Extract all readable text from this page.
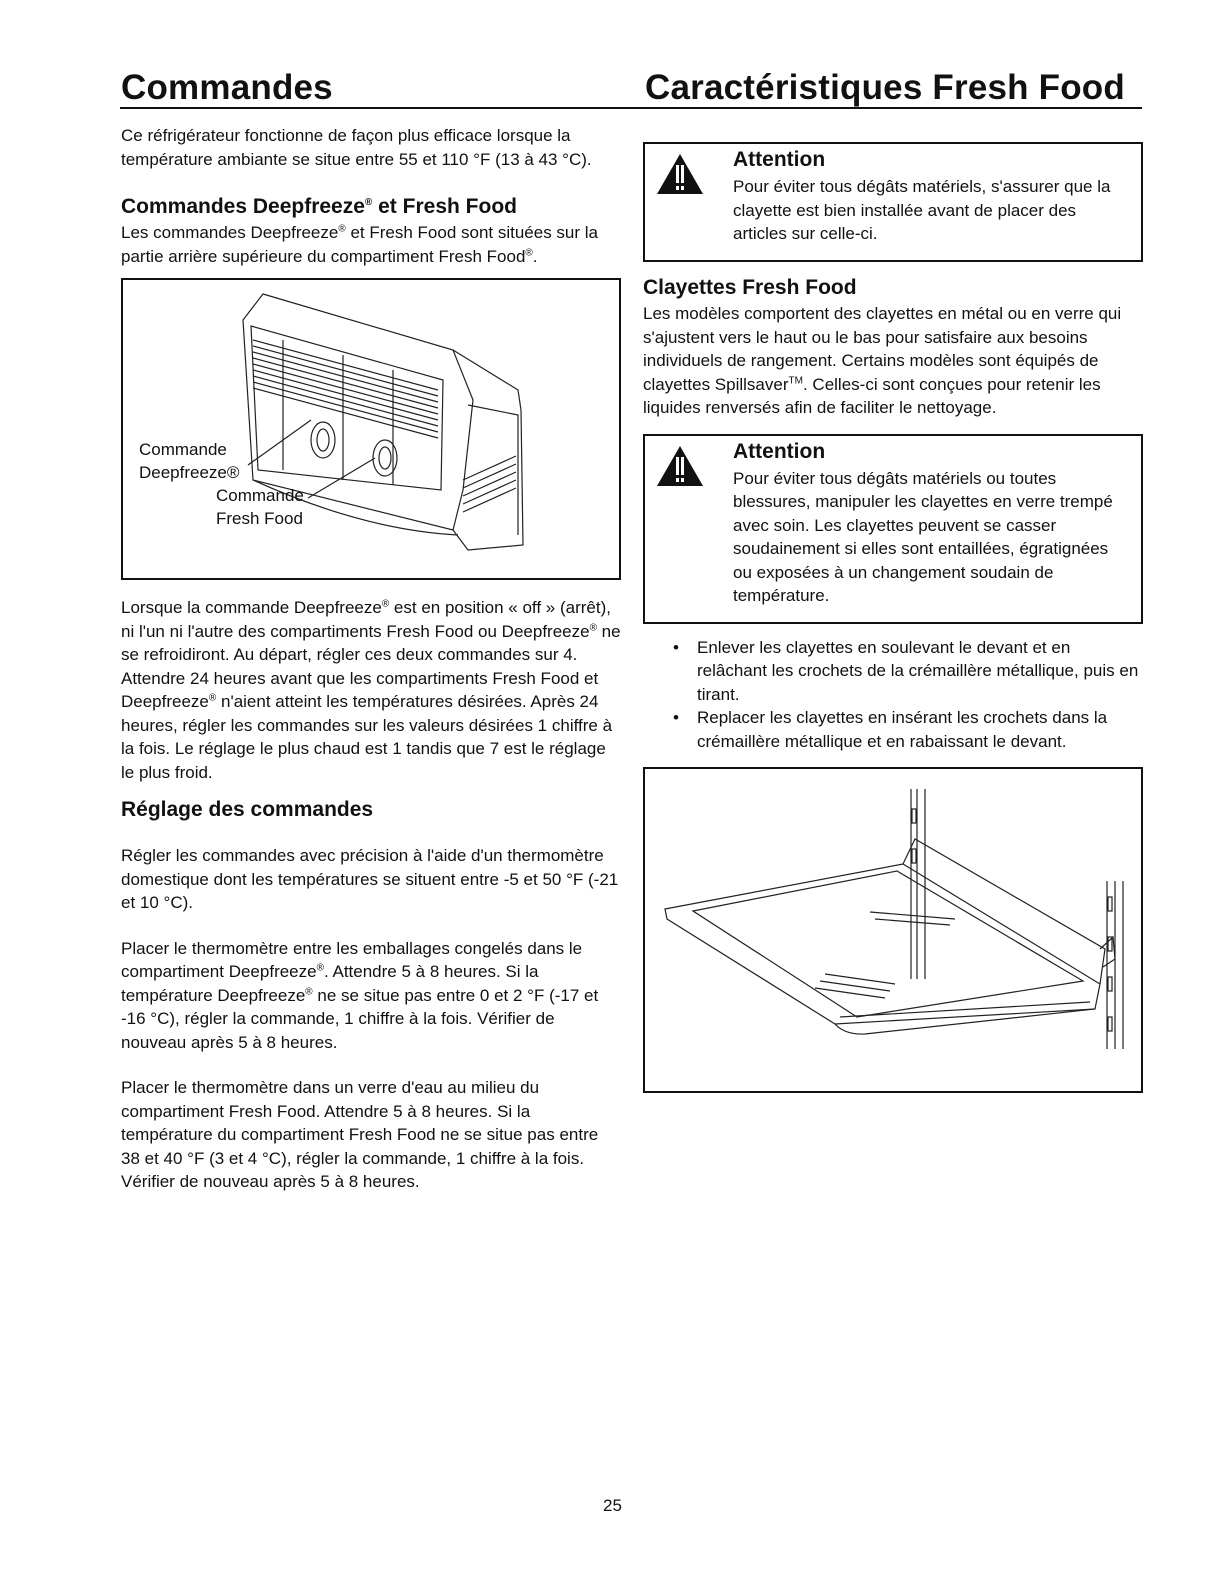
Commandes	Caractéristiques Fresh Food

Ce réfrigérateur fonctionne de façon plus efficace lorsque la température ambiante se situe entre 55 et 110 °F (13 à 43 °C).

Commandes Deepfreeze® et Fresh Food

Les commandes Deepfreeze® et Fresh Food sont situées sur la partie arrière supérieure du compartiment Fresh Food®.

Commande
Deepfreeze®
Commande
Fresh Food

Lorsque la commande Deepfreeze® est en position « off » (arrêt), ni l'un ni l'autre des compartiments Fresh Food ou Deepfreeze® ne se refroidiront. Au départ, régler ces deux commandes sur 4. Attendre 24 heures avant que les compartiments Fresh Food et Deepfreeze® n'aient atteint les températures désirées. Après 24 heures, régler les commandes sur les valeurs désirées 1 chiffre à la fois. Le réglage le plus chaud est 1 tandis que 7 est le réglage le plus froid.

Réglage des commandes

Régler les commandes avec précision à l'aide d'un thermomètre domestique dont les températures se situent entre -5 et 50 °F (-21 et 10 °C).

Placer le thermomètre entre les emballages congelés dans le compartiment Deepfreeze®. Attendre 5 à 8 heures. Si la température Deepfreeze® ne se situe pas entre 0 et 2 °F (-17 et -16 °C), régler la commande, 1 chiffre à la fois. Vérifier de nouveau après 5 à 8 heures.

Placer le thermomètre dans un verre d'eau au milieu du compartiment Fresh Food. Attendre 5 à 8 heures. Si la température du compartiment Fresh Food ne se situe pas entre 38 et 40 °F (3 et 4 °C), régler la commande, 1 chiffre à la fois. Vérifier de nouveau après 5 à 8 heures.

Attention
Pour éviter tous dégâts matériels, s'assurer que la clayette est bien installée avant de placer des articles sur celle-ci.
Clayettes Fresh Food

Les modèles comportent des clayettes en métal ou en verre qui s'ajustent vers le haut ou le bas pour satisfaire aux besoins individuels de rangement. Certains modèles sont équipés de clayettes Spillsaver™. Celles-ci sont conçues pour retenir les liquides renversés afin de faciliter le nettoyage.

Attention
Pour éviter tous dégâts matériels ou toutes blessures, manipuler les clayettes en verre trempé avec soin. Les clayettes peuvent se casser soudainement si elles sont entaillées, égratignées ou exposées à un changement soudain de température.
• Enlever les clayettes en soulevant le devant et en relâchant les crochets de la crémaillère métallique, puis en tirant.
• Replacer les clayettes en insérant les crochets dans la crémaillère métallique et en rabaissant le devant.
25
